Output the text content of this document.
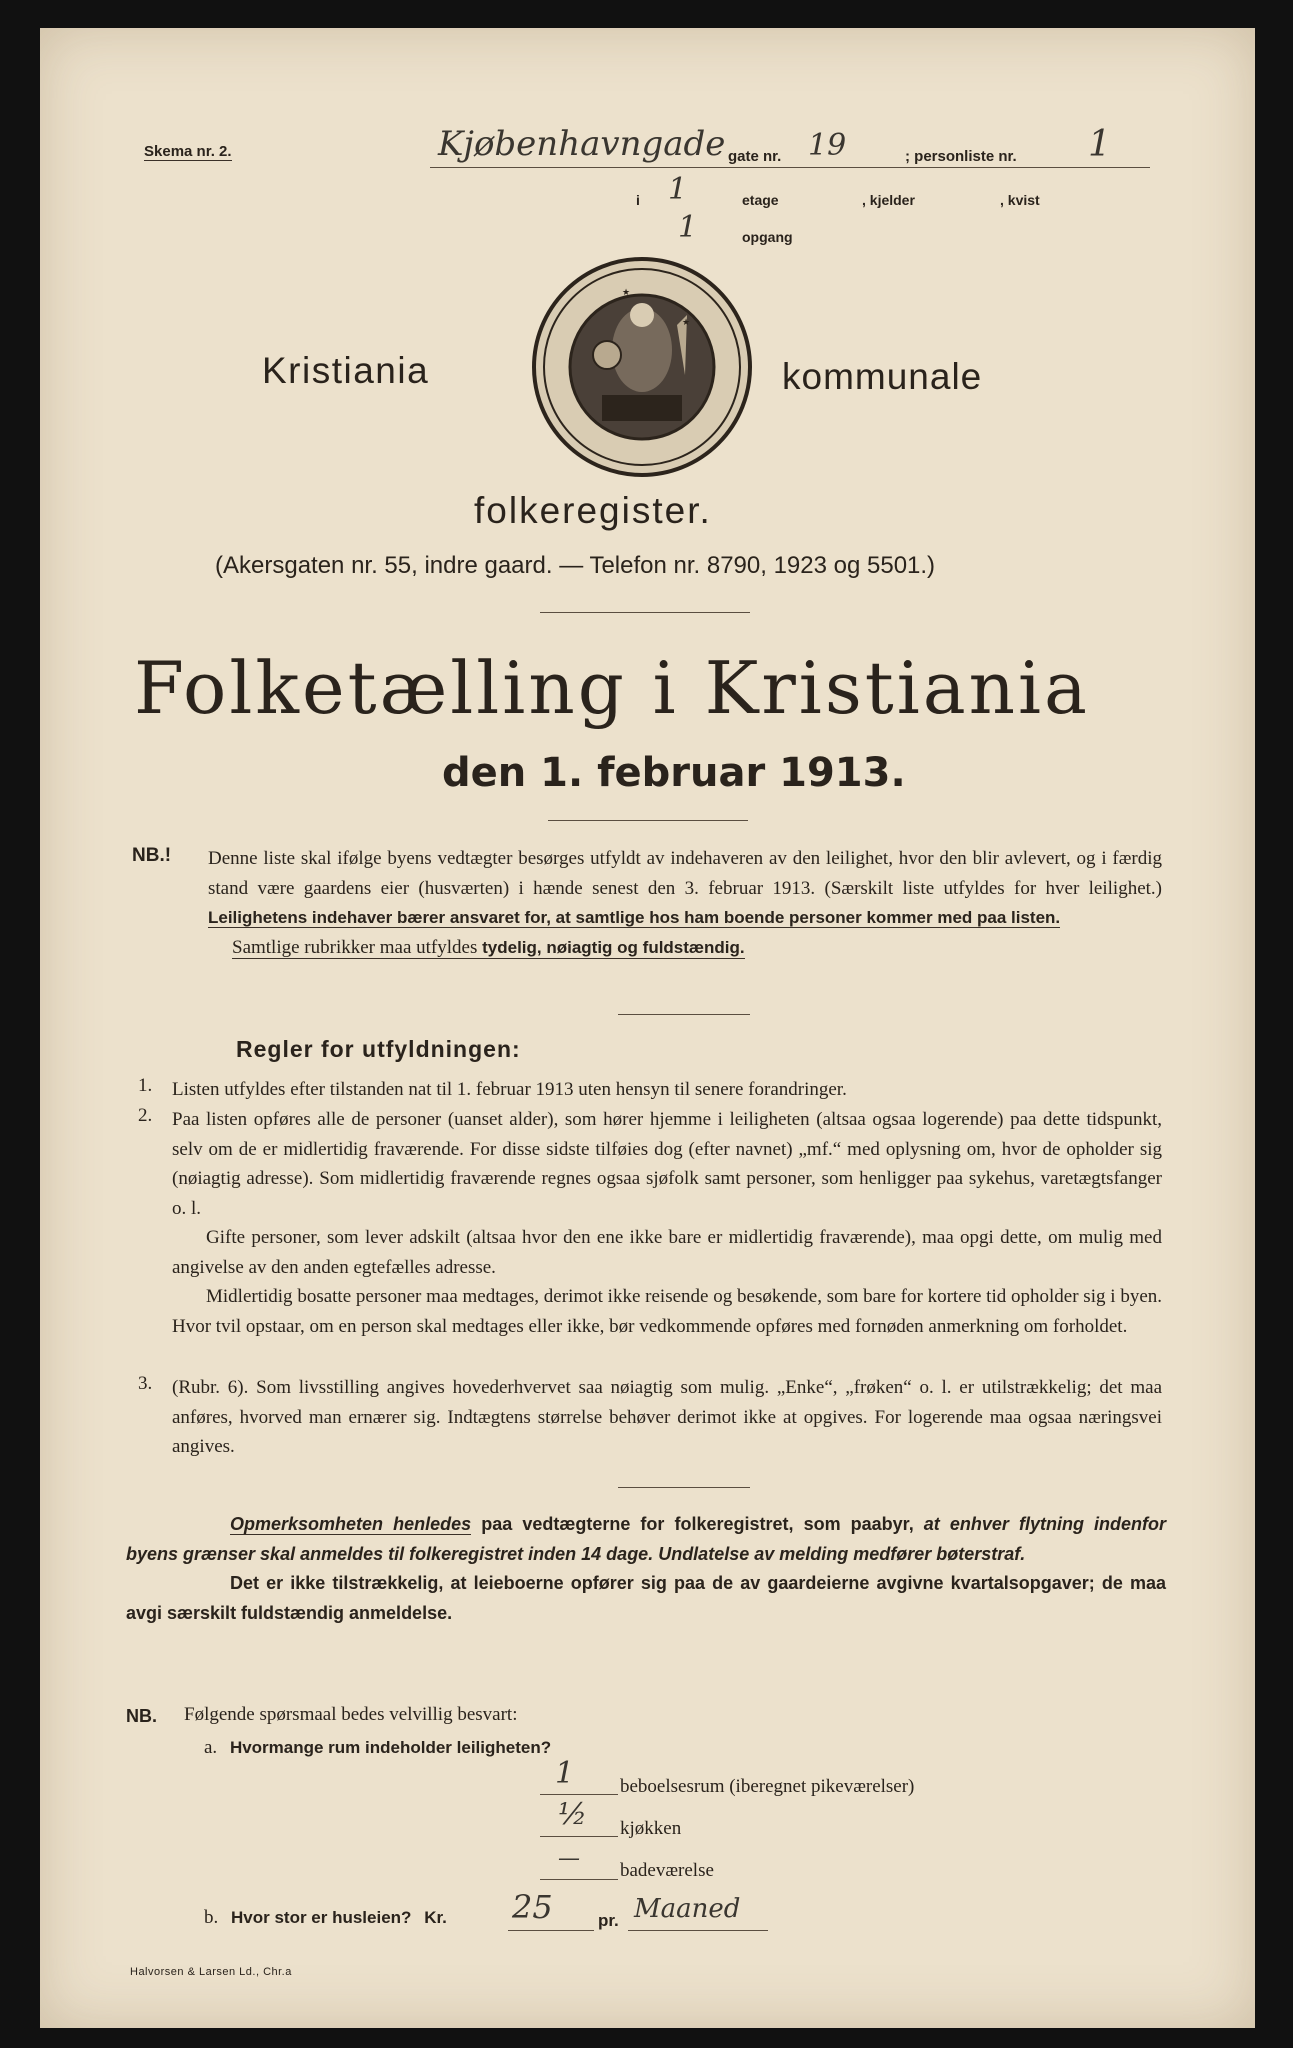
Skema nr. 2.	Kjøbenhavngade gate nr. 19	; personliste nr. 1
i 1	etage	, kjelder	, kvist
1	opgang
★
★
Kristiania	kommunale
folkeregister.
(Akersgaten nr. 55, indre gaard. — Telefon nr. 8790, 1923 og 5501.)
Folketælling i Kristiania
den 1. februar 1913.
NB.! Denne liste skal ifølge byens vedtægter besørges utfyldt av indehaveren av den leilighet, hvor den blir avlevert, og i færdig stand være gaardens eier (husværten) i hænde senest den 3. februar 1913. (Særskilt liste utfyldes for hver leilighet.) Leilighetens indehaver bærer ansvaret for, at samtlige hos ham boende personer kommer med paa listen.

Samtlige rubrikker maa utfyldes tydelig, nøiagtig og fuldstændig.

Regler for utfyldningen:
1. Listen utfyldes efter tilstanden nat til 1. februar 1913 uten hensyn til senere forandringer.

2. Paa listen opføres alle de personer (uanset alder), som hører hjemme i leiligheten (altsaa ogsaa logerende) paa dette tidspunkt, selv om de er midlertidig fraværende. For disse sidste tilføies dog (efter navnet) „mf.“ med oplysning om, hvor de opholder sig (nøiagtig adresse). Som midlertidig fraværende regnes ogsaa sjøfolk samt personer, som henligger paa sykehus, varetægtsfanger o. l.

Gifte personer, som lever adskilt (altsaa hvor den ene ikke bare er midlertidig fraværende), maa opgi dette, om mulig med angivelse av den anden egtefælles adresse.

Midlertidig bosatte personer maa medtages, derimot ikke reisende og besøkende, som bare for kortere tid opholder sig i byen. Hvor tvil opstaar, om en person skal medtages eller ikke, bør vedkommende opføres med fornøden anmerkning om forholdet.

3. (Rubr. 6). Som livsstilling angives hovederhvervet saa nøiagtig som mulig. „Enke“, „frøken“ o. l. er utilstrækkelig; det maa anføres, hvorved man ernærer sig. Indtægtens størrelse behøver derimot ikke at opgives. For logerende maa ogsaa næringsvei angives.

Opmerksomheten henledes paa vedtægterne for folkeregistret, som paabyr, at enhver flytning indenfor byens grænser skal anmeldes til folkeregistret inden 14 dage. Undlatelse av melding medfører bøterstraf.

Det er ikke tilstrækkelig, at leieboerne opfører sig paa de av gaardeierne avgivne kvartalsopgaver; de maa avgi særskilt fuldstændig anmeldelse.

NB. Følgende spørsmaal bedes velvillig besvart:
a. Hvormange rum indeholder leiligheten?
1 beboelsesrum (iberegnet pikeværelser)
½ kjøkken
— badeværelse
b. Hvor stor er husleien? Kr. 25	pr. Maaned
Halvorsen & Larsen Ld., Chr.a
